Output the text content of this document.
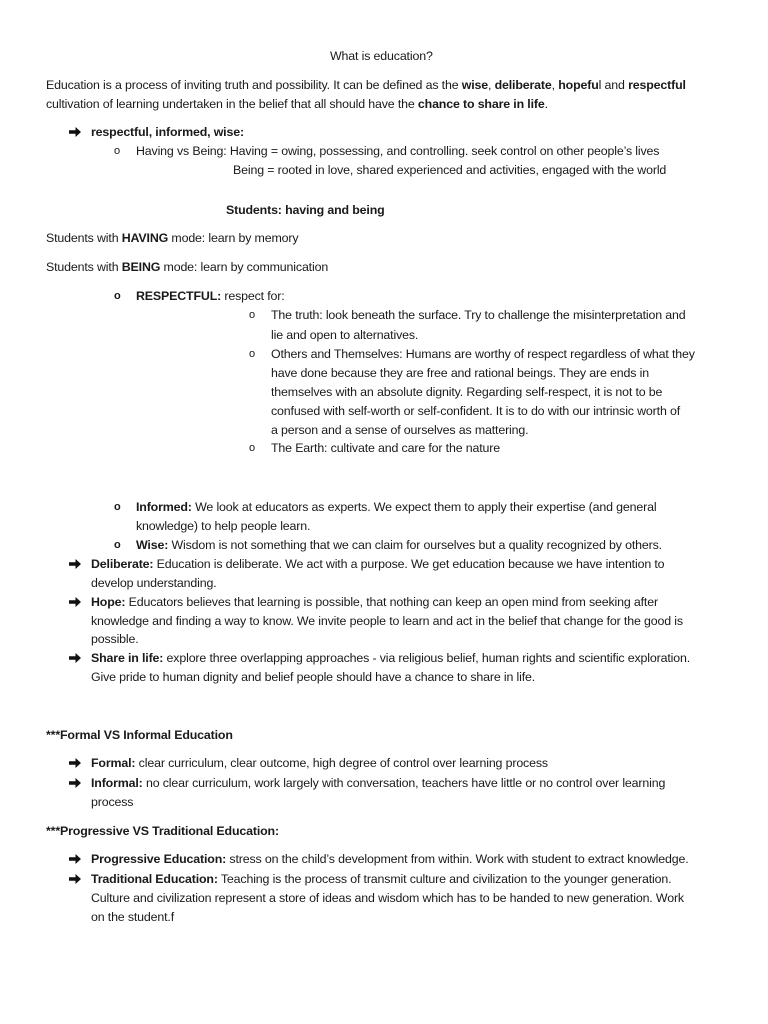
What is education?
Education is a process of inviting truth and possibility. It can be defined as the wise, deliberate, hopeful and respectful
cultivation of learning undertaken in the belief that all should have the chance to share in life.
respectful, informed, wise:
o Having vs Being: Having = owing, possessing, and controlling. seek control on other people’s lives
Being = rooted in love, shared experienced and activities, engaged with the world
Students: having and being
Students with HAVING mode: learn by memory
Students with BEING mode: learn by communication
o RESPECTFUL: respect for:
o The truth: look beneath the surface. Try to challenge the misinterpretation and
lie and open to alternatives.
o Others and Themselves: Humans are worthy of respect regardless of what they
have done because they are free and rational beings. They are ends in
themselves with an absolute dignity. Regarding self-respect, it is not to be
confused with self-worth or self-confident. It is to do with our intrinsic worth of
a person and a sense of ourselves as mattering.
o The Earth: cultivate and care for the nature
o Informed: We look at educators as experts. We expect them to apply their expertise (and general
knowledge) to help people learn.
o Wise: Wisdom is not something that we can claim for ourselves but a quality recognized by others.
Deliberate: Education is deliberate. We act with a purpose. We get education because we have intention to
develop understanding.
Hope: Educators believes that learning is possible, that nothing can keep an open mind from seeking after
knowledge and finding a way to know. We invite people to learn and act in the belief that change for the good is
possible.
Share in life: explore three overlapping approaches - via religious belief, human rights and scientific exploration.
Give pride to human dignity and belief people should have a chance to share in life.
***Formal VS Informal Education
Formal: clear curriculum, clear outcome, high degree of control over learning process
Informal: no clear curriculum, work largely with conversation, teachers have little or no control over learning
process
***Progressive VS Traditional Education:
Progressive Education: stress on the child’s development from within. Work with student to extract knowledge.
Traditional Education: Teaching is the process of transmit culture and civilization to the younger generation.
Culture and civilization represent a store of ideas and wisdom which has to be handed to new generation. Work
on the student.f
